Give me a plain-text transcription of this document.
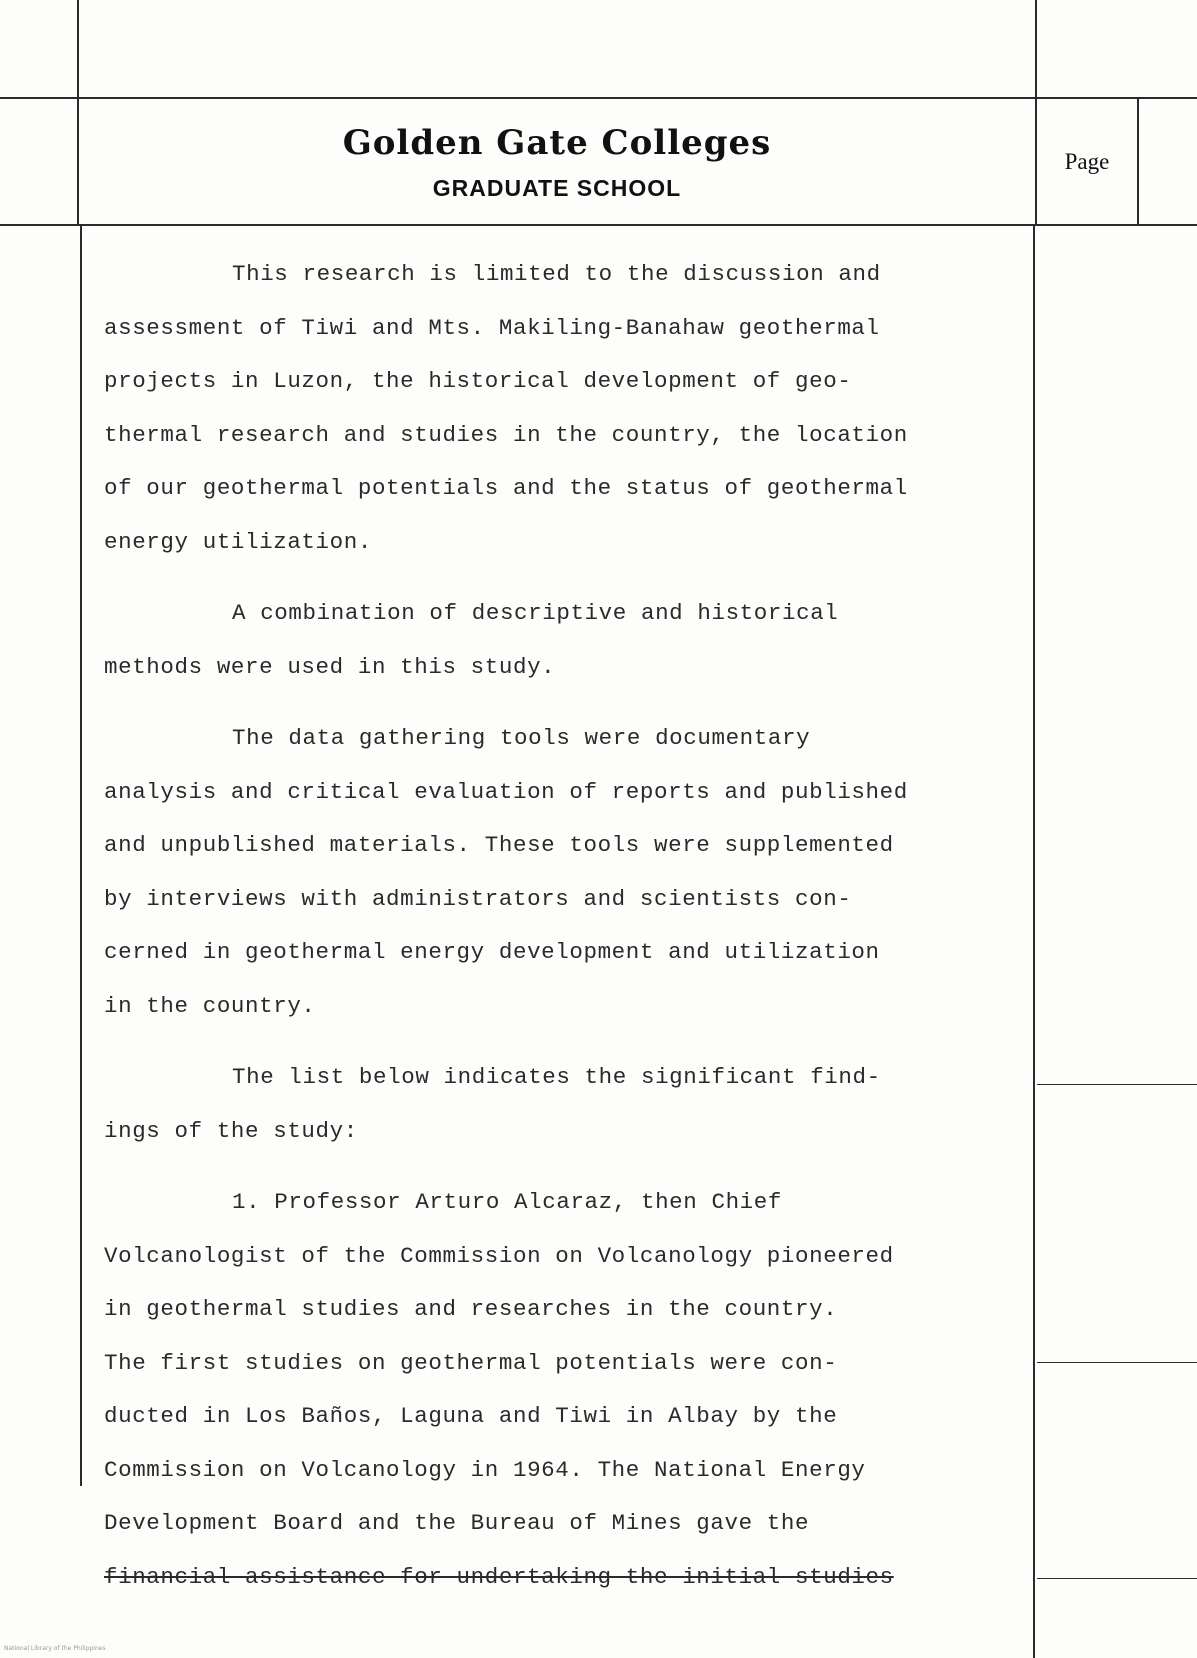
Golden Gate Colleges
GRADUATE SCHOOL
Page
This research is limited to the discussion and
assessment of Tiwi and Mts. Makiling-Banahaw geothermal
projects in Luzon, the historical development of geo-
thermal research and studies in the country, the location
of our geothermal potentials and the status of geothermal
energy utilization.
A combination of descriptive and historical
methods were used in this study.
The data gathering tools were documentary
analysis and critical evaluation of reports and published
and unpublished materials. These tools were supplemented
by interviews with administrators and scientists con-
cerned in geothermal energy development and utilization
in the country.
The list below indicates the significant find-
ings of the study:
1. Professor Arturo Alcaraz, then Chief
Volcanologist of the Commission on Volcanology pioneered
in geothermal studies and researches in the country.
The first studies on geothermal potentials were con-
ducted in Los Baños, Laguna and Tiwi in Albay by the
Commission on Volcanology in 1964. The National Energy
Development Board and the Bureau of Mines gave the
financial assistance for undertaking the initial studies
National Library of the Philippines
